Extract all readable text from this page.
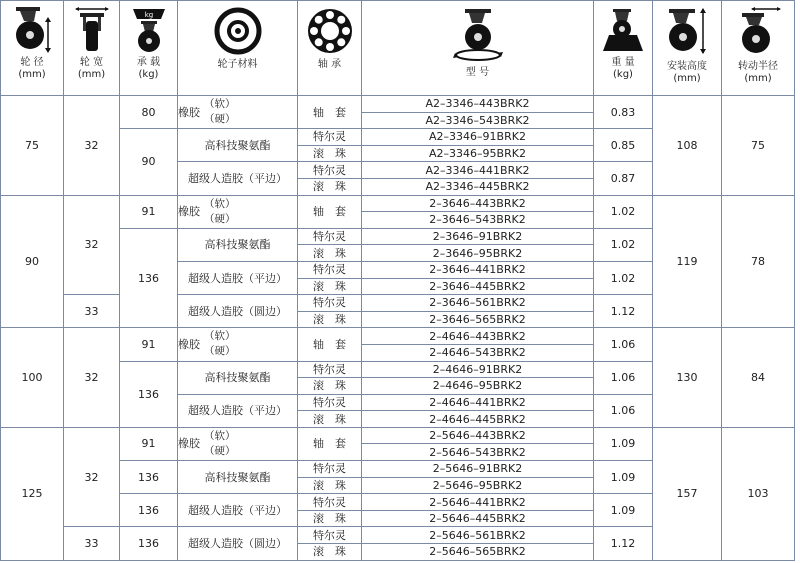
轮 径
(mm)

轮 宽
(mm)

kg
承 载
(kg)

轮子材料	轴 承

型 号

重 量
(kg)

安装高度
(mm)

转动半径
(mm)

75	32	80	橡胶	
（软）
（硬）
	轴  套	A2–3346–443BRK2	0.83	108	75
A2–3346–543BRK2
90	高科技聚氨酯	特尔灵	A2–3346–91BRK2	0.85
滚　珠	A2–3346–95BRK2
超级人造胶（平边）	特尔灵	A2–3346–441BRK2	0.87
滚　珠	A2–3346–445BRK2
90	32	91	橡胶	
（软）
（硬）
	轴  套	2–3646–443BRK2	1.02	119	78
2–3646–543BRK2
136	高科技聚氨酯	特尔灵	2–3646–91BRK2	1.02
滚　珠	2–3646–95BRK2
超级人造胶（平边）	特尔灵	2–3646–441BRK2	1.02
滚　珠	2–3646–445BRK2
33	超级人造胶（圆边）	特尔灵	2–3646–561BRK2	1.12
滚　珠	2–3646–565BRK2
100	32	91	橡胶	
（软）
（硬）
	轴  套	2–4646–443BRK2	1.06	130	84
2–4646–543BRK2
136	高科技聚氨酯	特尔灵	2–4646–91BRK2	1.06
滚　珠	2–4646–95BRK2
超级人造胶（平边）	特尔灵	2–4646–441BRK2	1.06
滚　珠	2–4646–445BRK2
125	32	91	橡胶	
（软）
（硬）
	轴  套	2–5646–443BRK2	1.09	157	103
2–5646–543BRK2
136	高科技聚氨酯	特尔灵	2–5646–91BRK2	1.09
滚　珠	2–5646–95BRK2
136	超级人造胶（平边）	特尔灵	2–5646–441BRK2	1.09
滚　珠	2–5646–445BRK2
33	136	超级人造胶（圆边）	特尔灵	2–5646–561BRK2	1.12
滚　珠	2–5646–565BRK2
